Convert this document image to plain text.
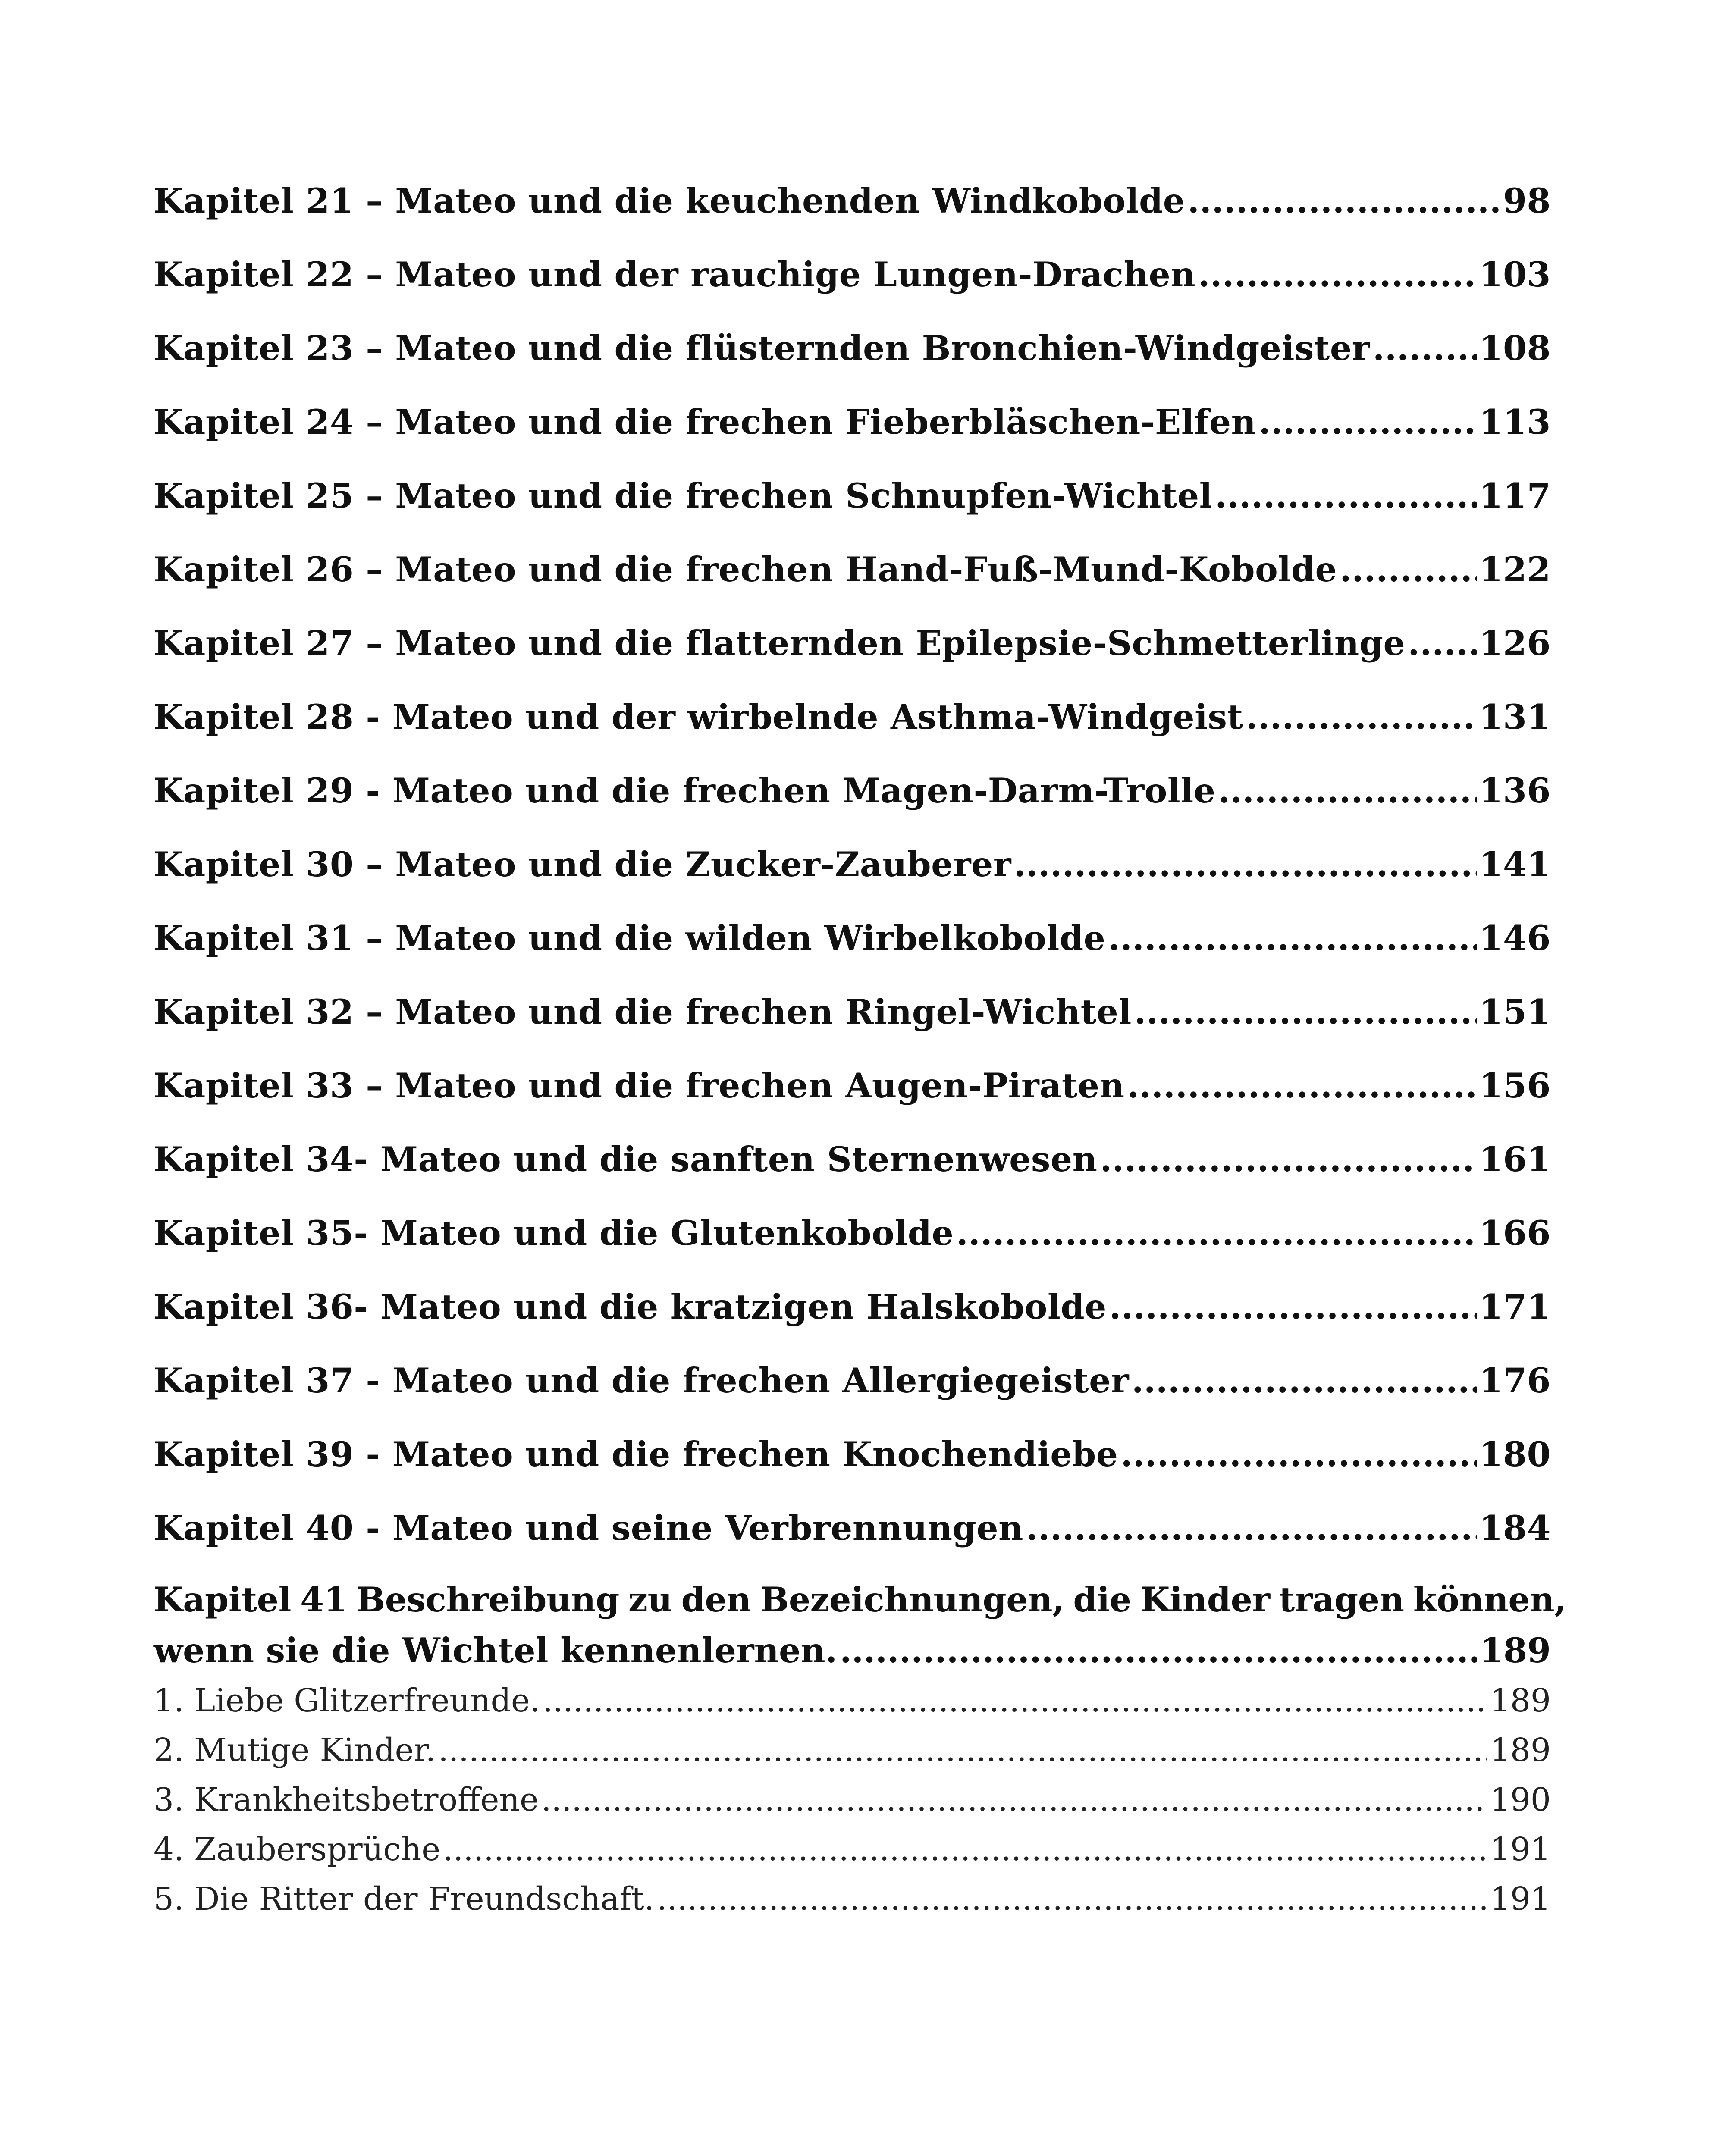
Kapitel 21 – Mateo und die keuchenden Windkobolde .....	98
Kapitel 22 – Mateo und der rauchige Lungen-Drachen .....	103
Kapitel 23 – Mateo und die flüsternden Bronchien-Windgeister .....	108
Kapitel 24 – Mateo und die frechen Fieberbläschen-Elfen .....	113
Kapitel 25 – Mateo und die frechen Schnupfen-Wichtel .....	117
Kapitel 26 – Mateo und die frechen Hand-Fuß-Mund-Kobolde .....	122
Kapitel 27 – Mateo und die flatternden Epilepsie-Schmetterlinge ..... 126
Kapitel 28 - Mateo und der wirbelnde Asthma-Windgeist .....	131
Kapitel 29 - Mateo und die frechen Magen-Darm-Trolle .....	136
Kapitel 30 – Mateo und die Zucker-Zauberer .....	141
Kapitel 31 – Mateo und die wilden Wirbelkobolde .....	146
Kapitel 32 – Mateo und die frechen Ringel-Wichtel .....	151
Kapitel 33 – Mateo und die frechen Augen-Piraten .....	156
Kapitel 34- Mateo und die sanften Sternenwesen .....	161
Kapitel 35- Mateo und die Glutenkobolde .....	166
Kapitel 36- Mateo und die kratzigen Halskobolde .....	171
Kapitel 37 - Mateo und die frechen Allergiegeister .....	176
Kapitel 39 - Mateo und die frechen Knochendiebe .....	180
Kapitel 40 - Mateo und seine Verbrennungen .....	184
Kapitel 41 Beschreibung zu den Bezeichnungen, die Kinder tragen können,
wenn sie die Wichtel kennenlernen. .....	189
1. Liebe Glitzerfreunde. .....	189
2. Mutige Kinder. .....	189
3. Krankheitsbetroffene .....	190
4. Zaubersprüche .....	191
5. Die Ritter der Freundschaft. .....	191
